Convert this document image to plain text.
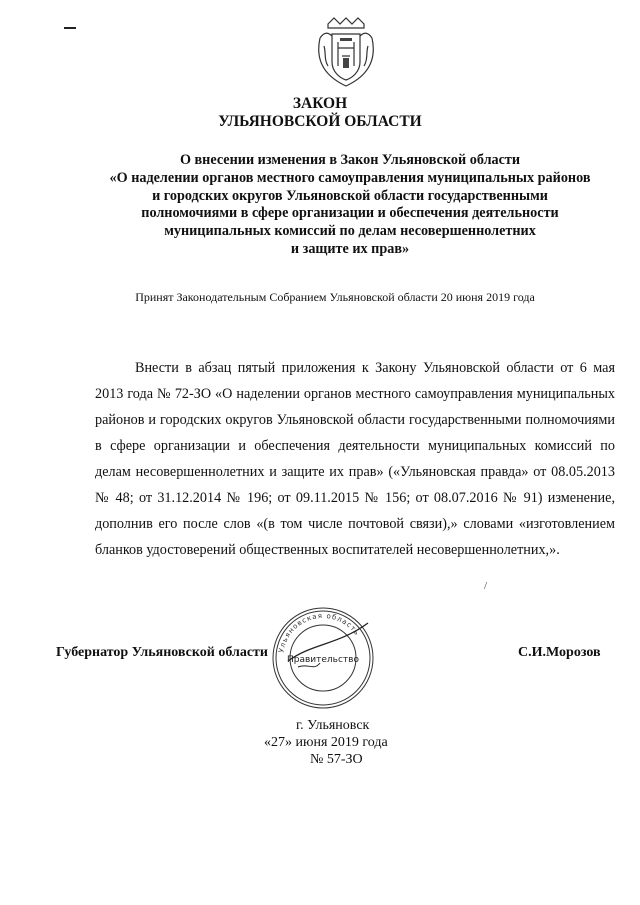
ЗАКОН
УЛЬЯНОВСКОЙ ОБЛАСТИ
О внесении изменения в Закон Ульяновской области
«О наделении органов местного самоуправления муниципальных районов
и городских округов Ульяновской области государственными
полномочиями в сфере организации и обеспечения деятельности
муниципальных комиссий по делам несовершеннолетних
и защите их прав»
Принят Законодательным Собранием Ульяновской области 20 июня 2019 года

Внести в абзац пятый приложения к Закону Ульяновской области от 6 мая 2013 года № 72-ЗО «О наделении органов местного самоуправления муниципальных районов и городских округов Ульяновской области государственными полномочиями в сфере организации и обеспечения деятельности муниципальных комиссий по делам несовершеннолетних и защите их прав» («Ульяновская правда» от 08.05.2013 № 48; от 31.12.2014 № 196; от 09.11.2015 № 156; от 08.07.2016 № 91) изменение, дополнив его после слов «(в том числе почтовой связи),» словами «изготовлением бланков удостоверений общественных воспитателей несовершеннолетних,».

/
Губернатор Ульяновской области Ульяновская область
Правительство	С.И.Морозов
г. Ульяновск
«27» июня 2019 года
№ 57-ЗО
